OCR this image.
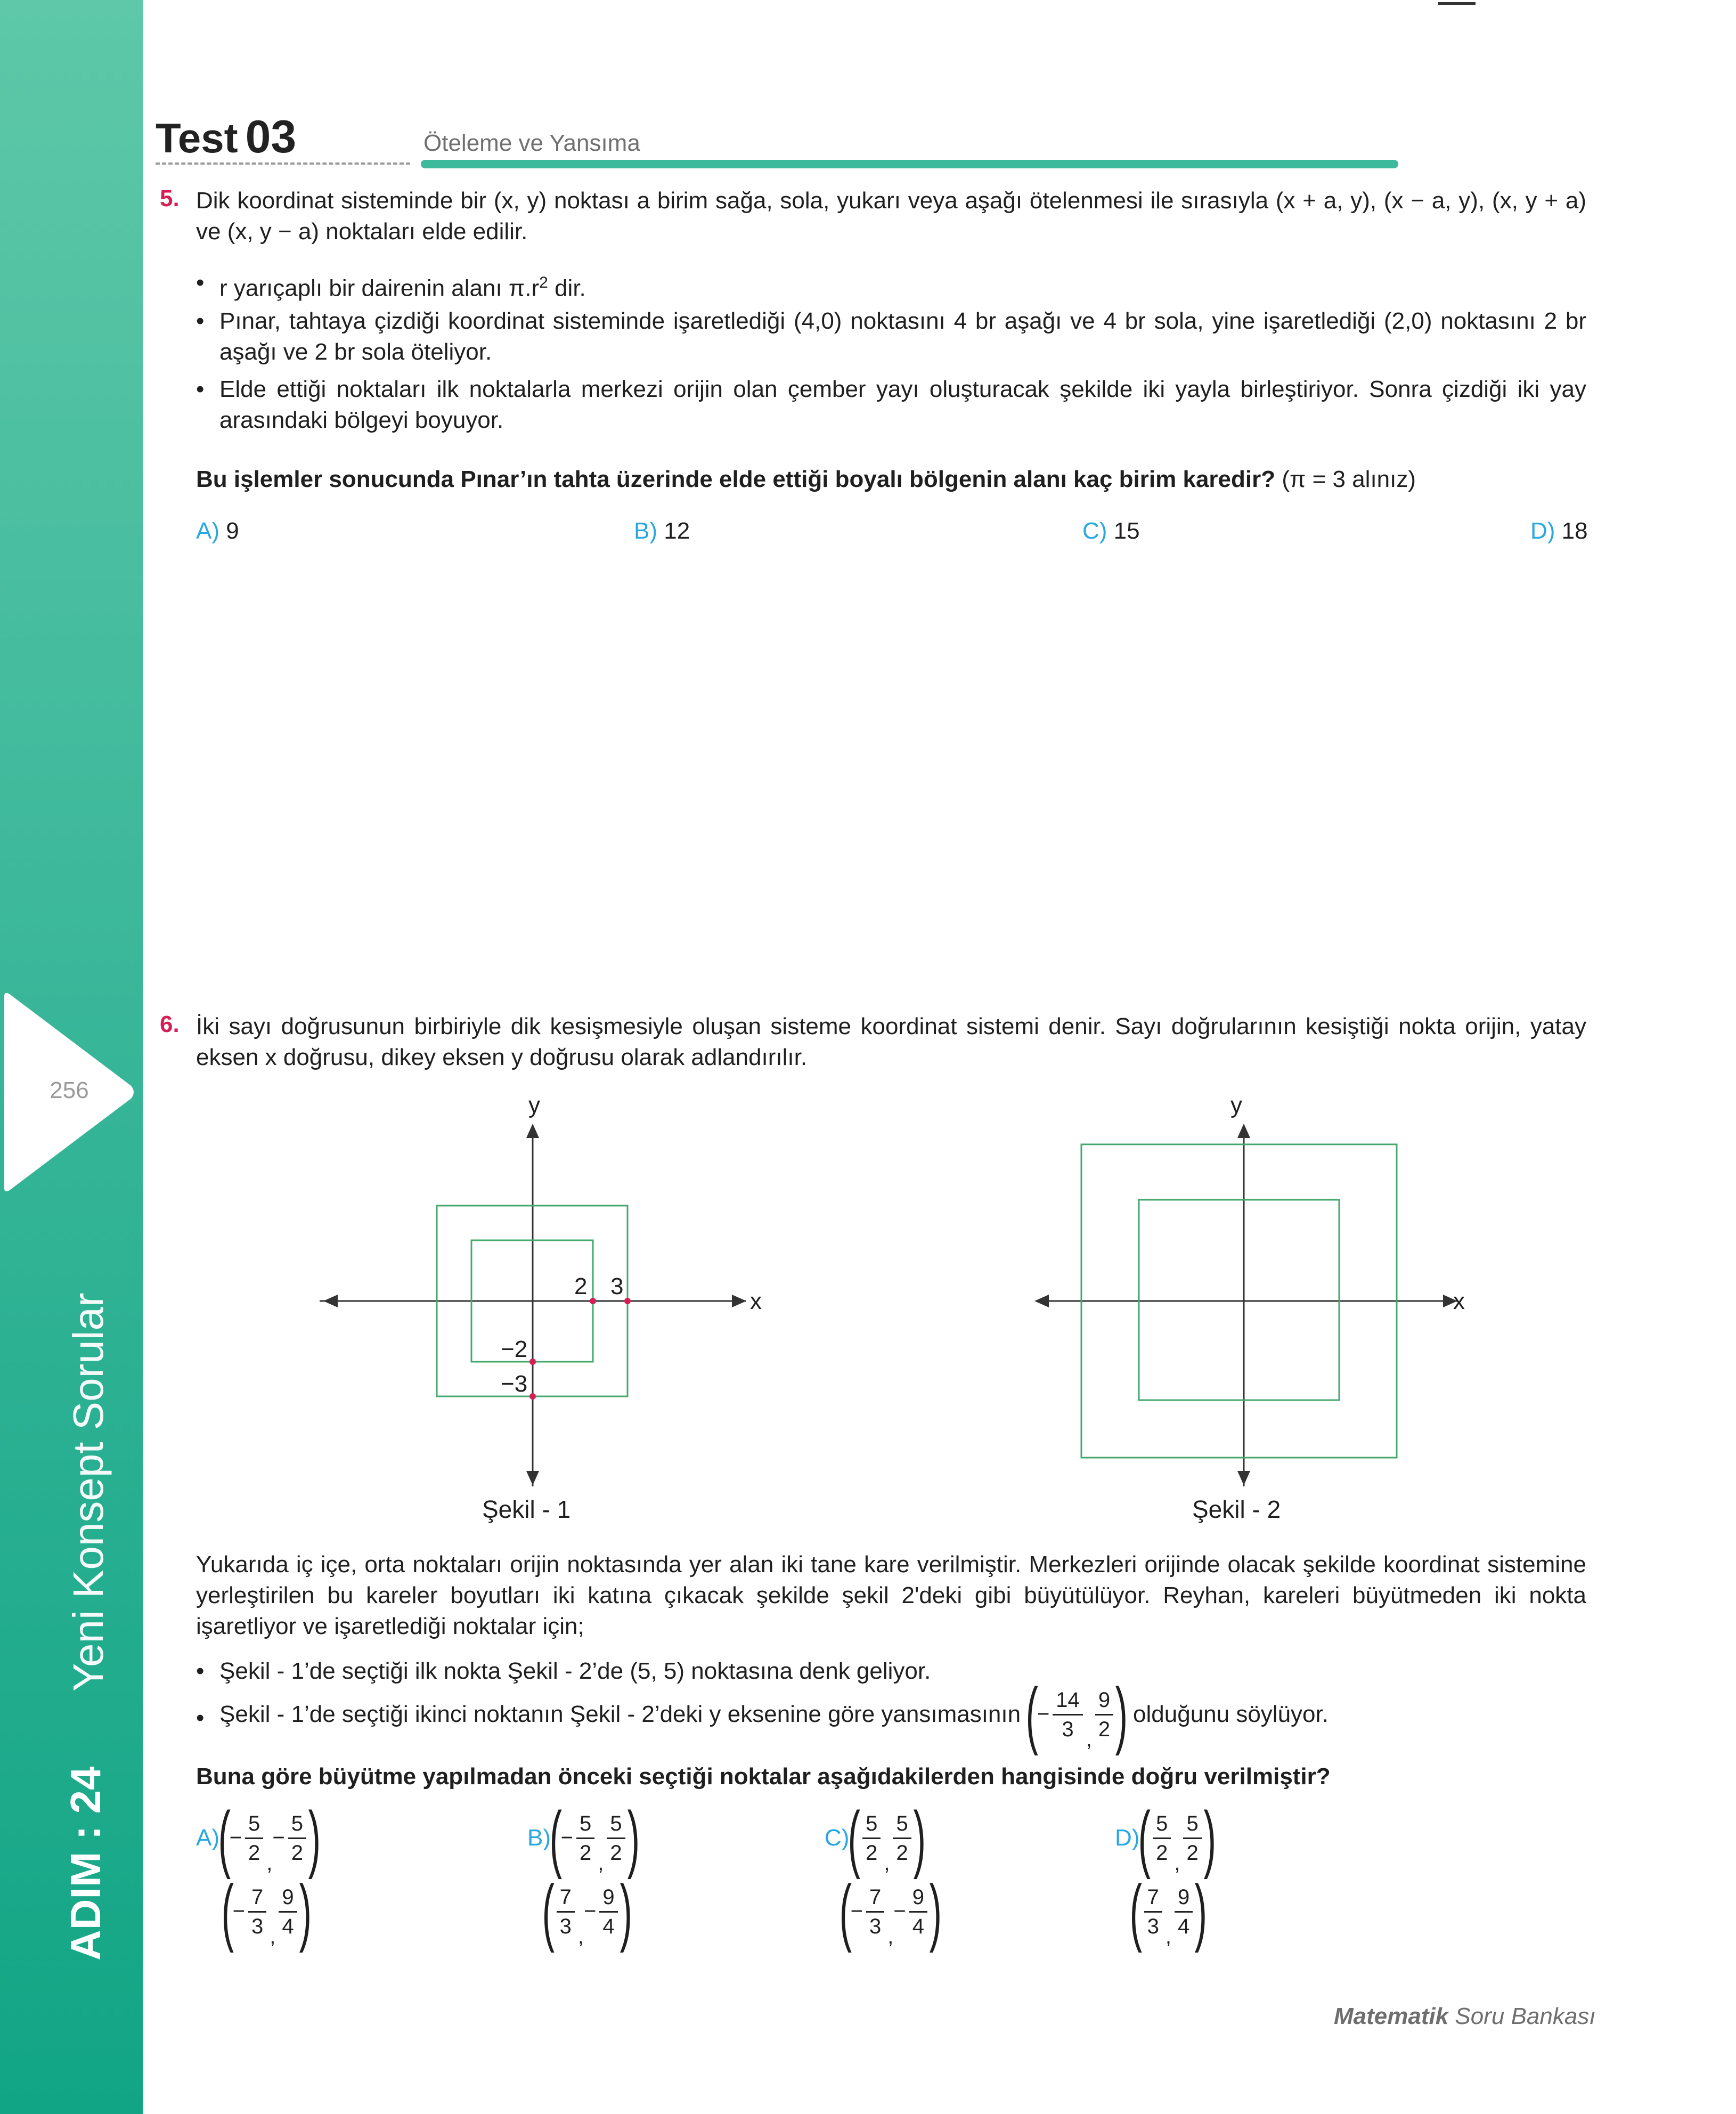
256
Yeni Konsept Sorular
ADIM : 24
Test 03	Öteleme ve Yansıma
5. Dik koordinat sisteminde bir (x, y) noktası a birim sağa, sola, yukarı veya aşağı ötelenmesi ile sırasıyla (x + a, y), (x − a, y), (x, y + a) ve (x, y − a) noktaları elde edilir.
• r yarıçaplı bir dairenin alanı $\pi.r^2$ dir.
• Pınar, tahtaya çizdiği koordinat sisteminde işaretlediği (4,0) noktasını 4 br aşağı ve 4 br sola, yine işaretlediği (2,0) noktasını 2 br aşağı ve 2 br sola öteliyor.
• Elde ettiği noktaları ilk noktalarla merkezi orijin olan çember yayı oluşturacak şekilde iki yayla birleştiriyor. Sonra çizdiği iki yay arasındaki bölgeyi boyuyor.
Bu işlemler sonucunda Pınar’ın tahta üzerinde elde ettiği boyalı bölgenin alanı kaç birim karedir? (π = 3 alınız)
A) 9	B) 12	C) 15	D) 18
6. İki sayı doğrusunun birbiriyle dik kesişmesiyle oluşan sisteme koordinat sistemi denir. Sayı doğrularının kesiştiği nokta orijin, yatay eksen x doğrusu, dikey eksen y doğrusu olarak adlandırılır.
y
x
2 3
−2
−3
Şekil - 1
y
x
Şekil - 2
Yukarıda iç içe, orta noktaları orijin noktasında yer alan iki tane kare verilmiştir. Merkezleri orijinde olacak şekilde koordinat sistemine yerleştirilen bu kareler boyutları iki katına çıkacak şekilde şekil 2'deki gibi büyütülüyor. Reyhan, kareleri büyütmeden iki nokta işaretliyor ve işaretlediği noktalar için;
• Şekil - 1’de seçtiği ilk nokta Şekil - 2’de (5, 5) noktasına denk geliyor.
• Şekil - 1’de seçtiği ikinci noktanın Şekil - 2’deki y eksenine göre yansımasının (− $\frac{14}{3}$ , $\frac{9}{2}$ ) olduğunu söylüyor.
Buna göre büyütme yapılmadan önceki seçtiği noktalar aşağıdakilerden hangisinde doğru verilmiştir?
$A)(- \frac{5}{2}$ ,− $\frac{5}{2}$ )
(− $\frac{7}{3}$ , $\frac{9}{4}$ )
$B)(- \frac{5}{2}$ , $\frac{5}{2}$ )
( $\frac{7}{3}$ ,− $\frac{9}{4}$ )
$C)( \frac{5}{2}$ , $\frac{5}{2}$ )
(− $\frac{7}{3}$ ,− $\frac{9}{4}$ )
$D)( \frac{5}{2}$ , $\frac{5}{2}$ )
( $\frac{7}{3}$ , $\frac{9}{4}$ )
Matematik Soru Bankası
